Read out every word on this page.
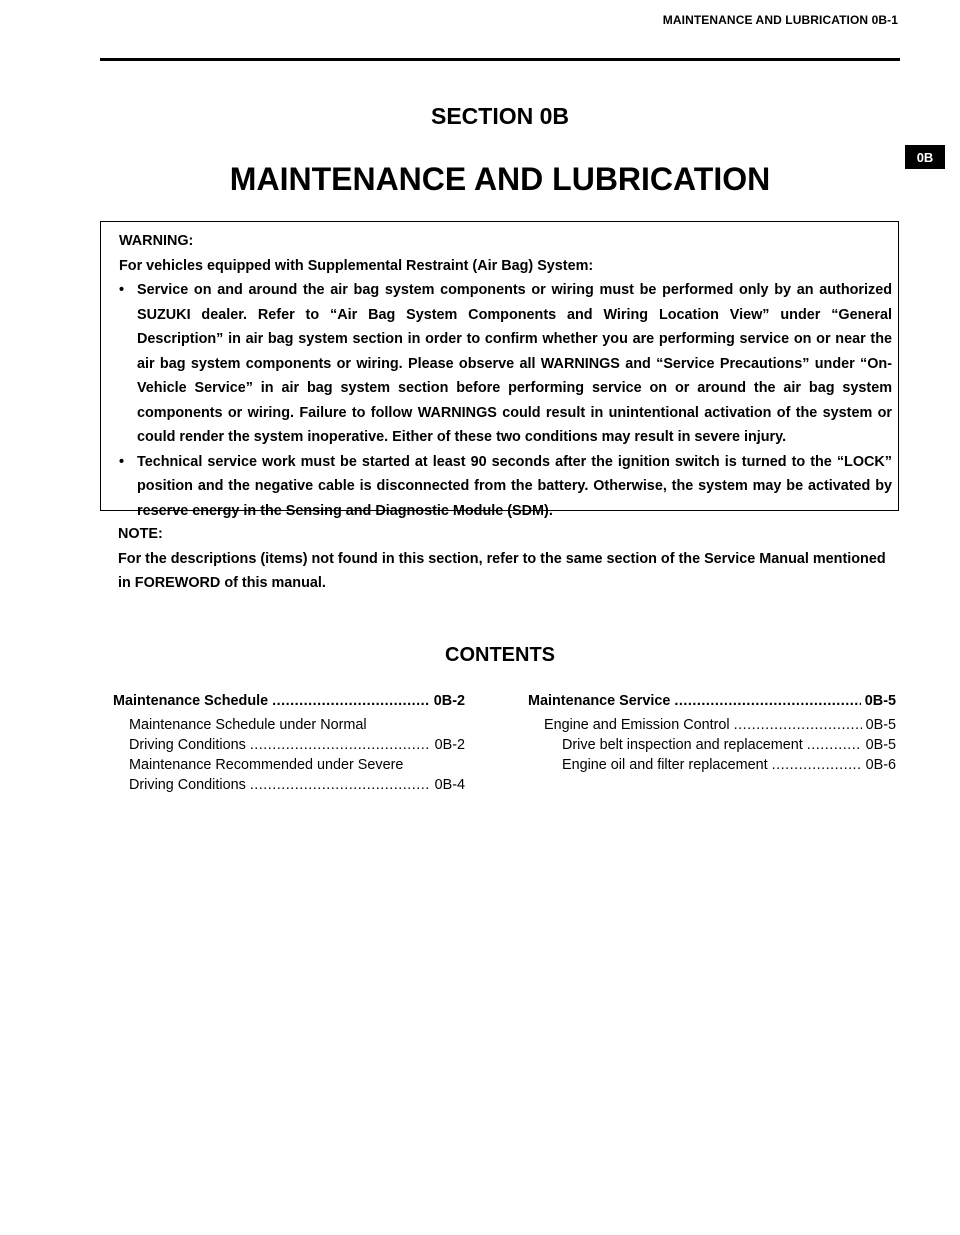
MAINTENANCE AND LUBRICATION 0B-1
0B
SECTION 0B
MAINTENANCE AND LUBRICATION

WARNING:

For vehicles equipped with Supplemental Restraint (Air Bag) System:

• Service on and around the air bag system components or wiring must be performed only by an authorized SUZUKI dealer. Refer to “Air Bag System Components and Wiring Location View” under “General Description” in air bag system section in order to confirm whether you are performing service on or near the air bag system components or wiring. Please observe all WARNINGS and “Service Precautions” under “On-Vehicle Service” in air bag system section before performing service on or around the air bag system components or wiring. Failure to follow WARNINGS could result in unintentional activation of the system or could render the system inoperative. Either of these two conditions may result in severe injury.

• Technical service work must be started at least 90 seconds after the ignition switch is turned to the “LOCK” position and the negative cable is disconnected from the battery. Otherwise, the system may be activated by reserve energy in the Sensing and Diagnostic Module (SDM).

NOTE:

For the descriptions (items) not found in this section, refer to the same section of the Service Manual mentioned in FOREWORD of this manual.

CONTENTS
Maintenance Schedule .....	0B-2
Maintenance Schedule under Normal
Driving Conditions .....	0B-2
Maintenance Recommended under Severe
Driving Conditions .....	0B-4
Maintenance Service .....	0B-5
Engine and Emission Control .....	0B-5
Drive belt inspection and replacement .....	0B-5
Engine oil and filter replacement .....	0B-6
